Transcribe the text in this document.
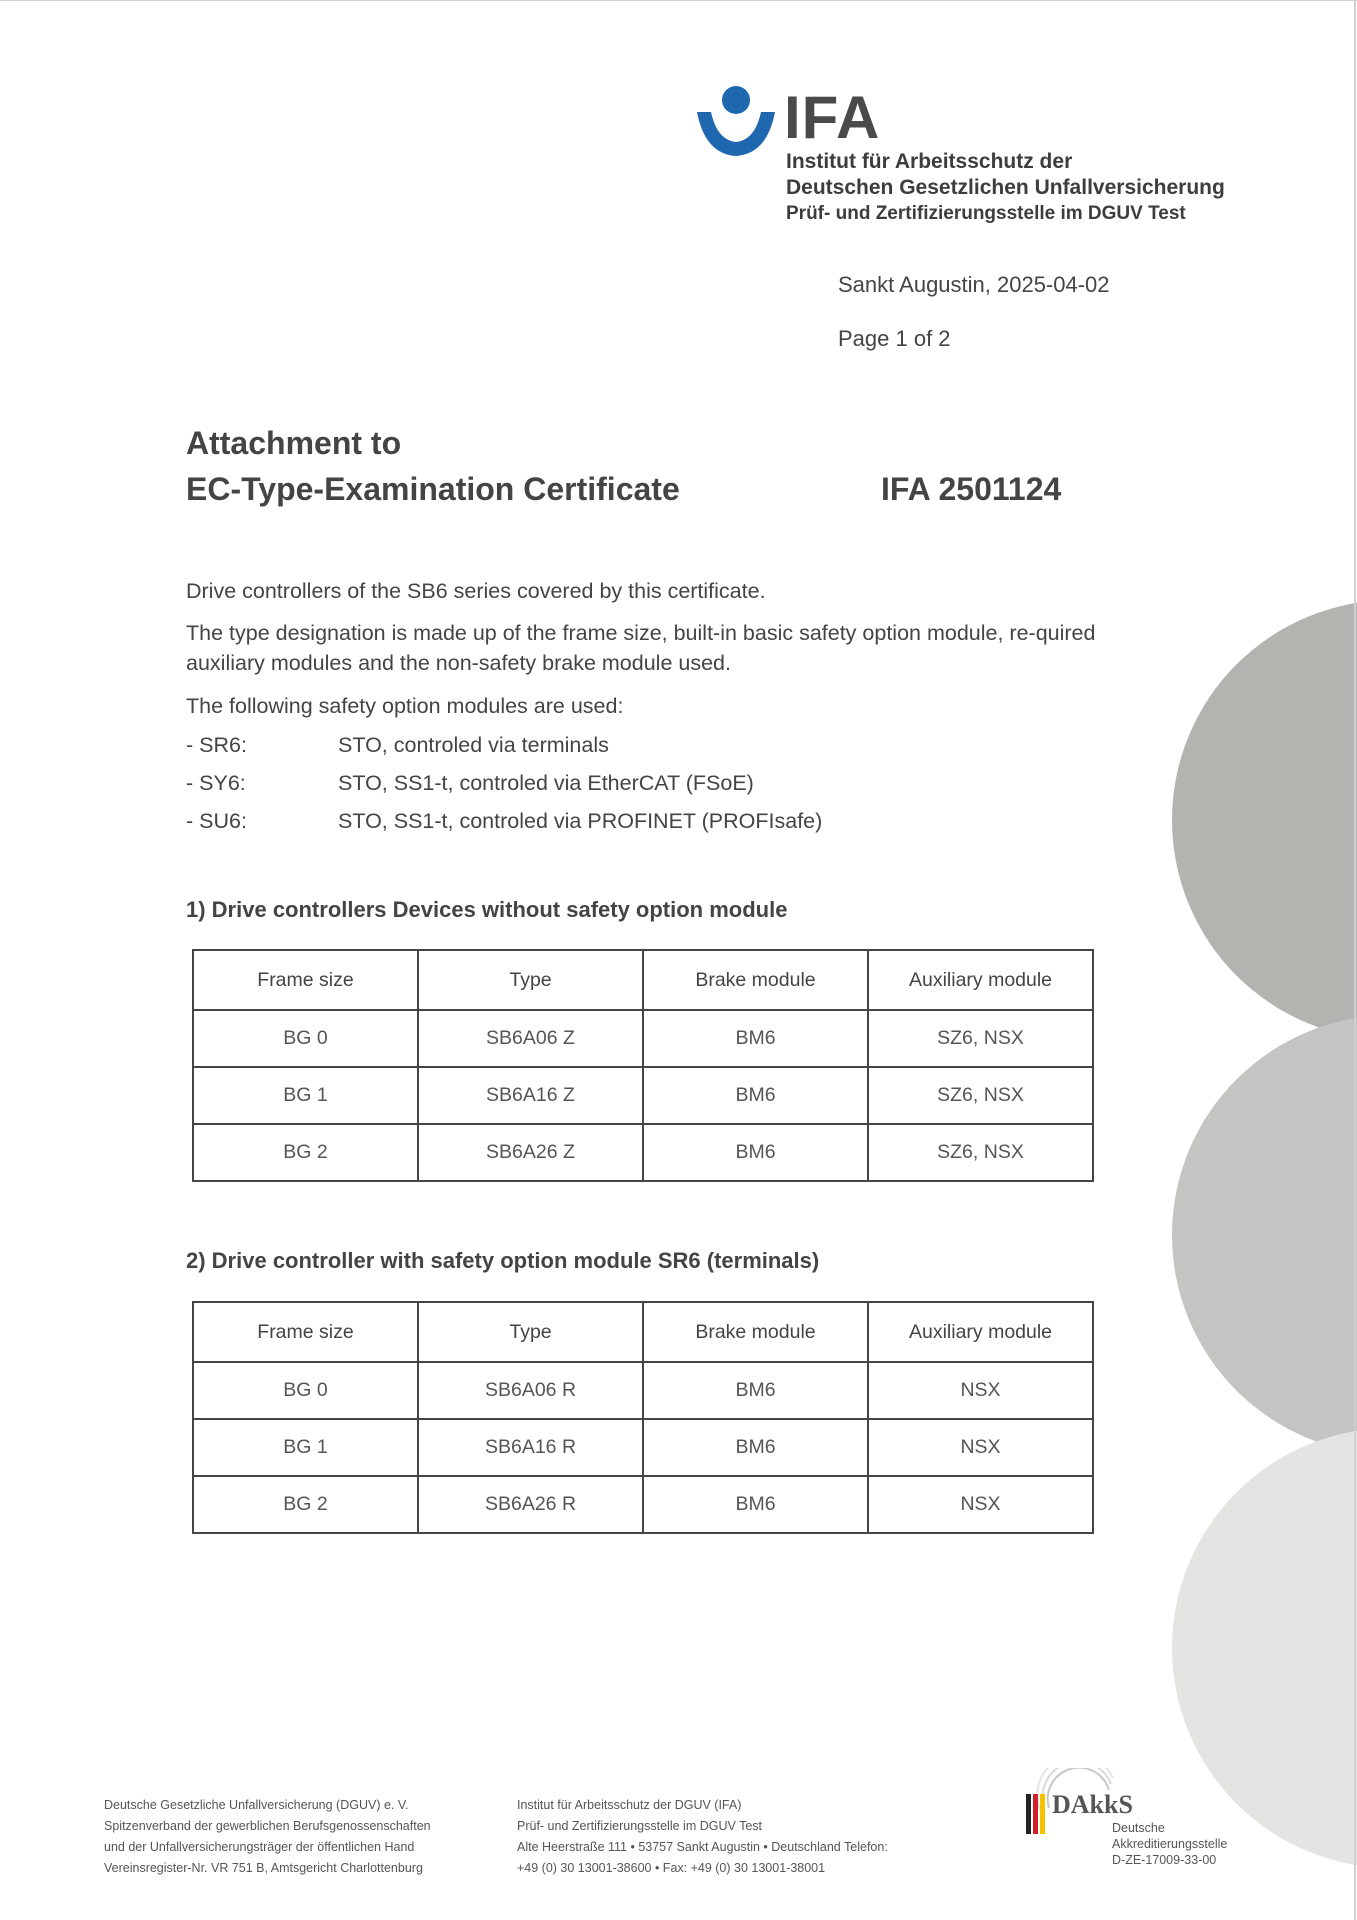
IFA
Institut für Arbeitsschutz der
Deutschen Gesetzlichen Unfallversicherung
Prüf- und Zertifizierungsstelle im DGUV Test
Sankt Augustin, 2025-04-02
Page 1 of 2
Attachment to
EC-Type-Examination Certificate	IFA 2501124
Drive controllers of the SB6 series covered by this certificate.
The type designation is made up of the frame size, built-in basic safety option module, re-quired auxiliary modules and the non-safety brake module used.
The following safety option modules are used:
- SR6:	STO, controled via terminals
- SY6:	STO, SS1-t, controled via EtherCAT (FSoE)
- SU6:	STO, SS1-t, controled via PROFINET (PROFIsafe)
1) Drive controllers Devices without safety option module
Frame size	Type	Brake module	Auxiliary module
BG 0	SB6A06 Z	BM6	SZ6, NSX
BG 1	SB6A16 Z	BM6	SZ6, NSX
BG 2	SB6A26 Z	BM6	SZ6, NSX
2) Drive controller with safety option module SR6 (terminals)
Frame size	Type	Brake module	Auxiliary module
BG 0	SB6A06 R	BM6	NSX
BG 1	SB6A16 R	BM6	NSX
BG 2	SB6A26 R	BM6	NSX
Deutsche Gesetzliche Unfallversicherung (DGUV) e. V.
Spitzenverband der gewerblichen Berufsgenossenschaften
und der Unfallversicherungsträger der öffentlichen Hand
Vereinsregister-Nr. VR 751 B, Amtsgericht Charlottenburg
Institut für Arbeitsschutz der DGUV (IFA)
Prüf- und Zertifizierungsstelle im DGUV Test
Alte Heerstraße 111 • 53757 Sankt Augustin • Deutschland Telefon:
+49 (0) 30 13001-38600 • Fax: +49 (0) 30 13001-38001
DAkkS
Deutsche
Akkreditierungsstelle
D-ZE-17009-33-00
